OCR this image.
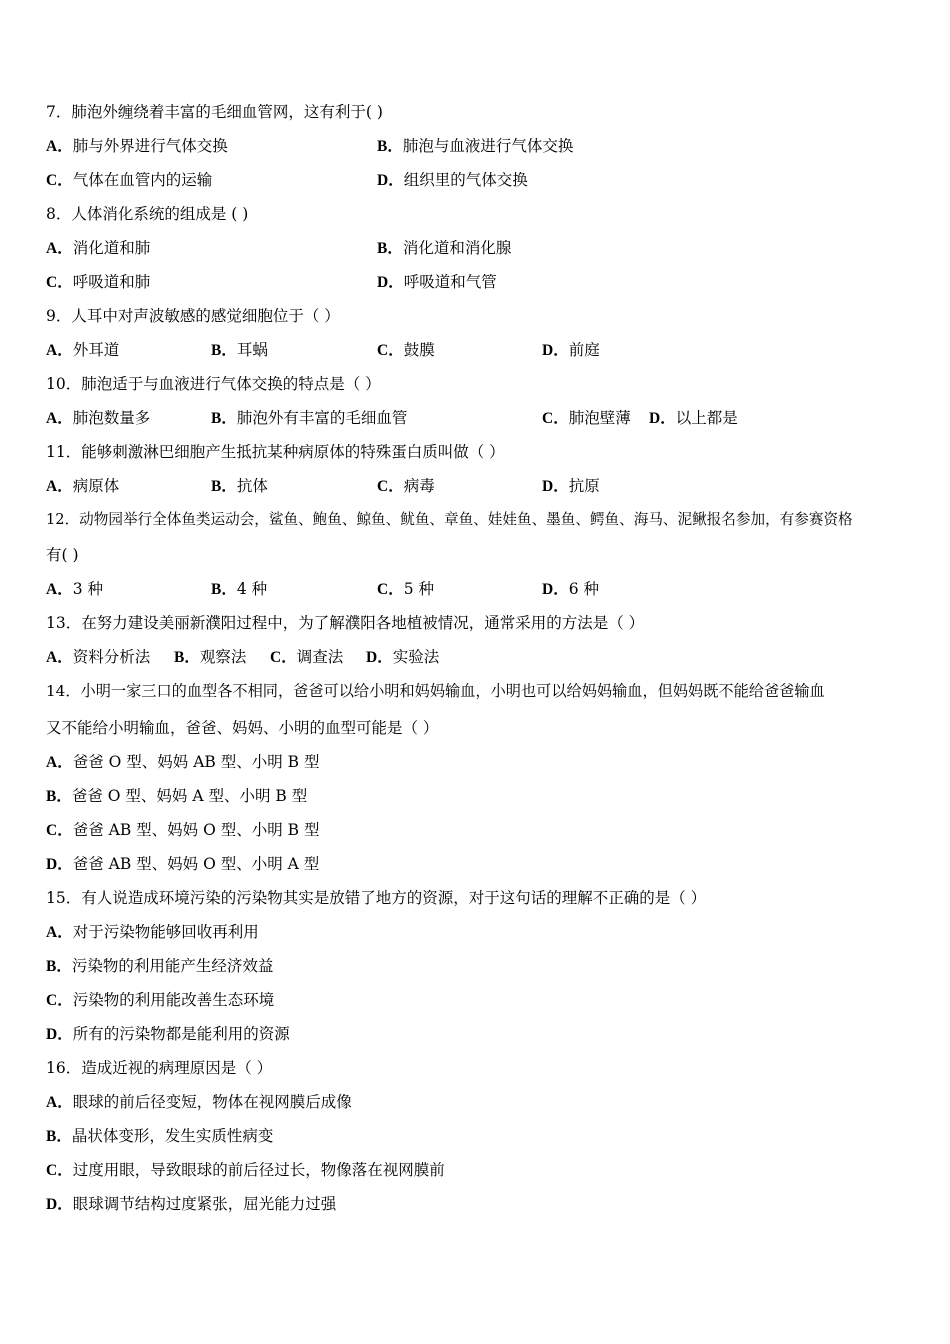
7．肺泡外缠绕着丰富的毛细血管网，这有利于( )
A．肺与外界进行气体交换	B．肺泡与血液进行气体交换
C．气体在血管内的运输	D．组织里的气体交换
8．人体消化系统的组成是 ( )
A．消化道和肺	B．消化道和消化腺
C．呼吸道和肺	D．呼吸道和气管
9．人耳中对声波敏感的感觉细胞位于（ ）
A．外耳道	B．耳蜗	C．鼓膜	D．前庭
10．肺泡适于与血液进行气体交换的特点是（ ）
A．肺泡数量多	B．肺泡外有丰富的毛细血管	C．肺泡壁薄 D．以上都是
11．能够刺激淋巴细胞产生抵抗某种病原体的特殊蛋白质叫做（ ）
A．病原体	B．抗体	C．病毒	D．抗原
12．动物园举行全体鱼类运动会，鲨鱼、鲍鱼、鲸鱼、鱿鱼、章鱼、娃娃鱼、墨鱼、鳄鱼、海马、泥鳅报名参加，有参赛资格
有( )
A．3 种	B．4 种	C．5 种	D．6 种
13．在努力建设美丽新濮阳过程中，为了解濮阳各地植被情况，通常采用的方法是（ ）
A．资料分析法 B．观察法 C．调查法 D．实验法
14．小明一家三口的血型各不相同，爸爸可以给小明和妈妈输血，小明也可以给妈妈输血，但妈妈既不能给爸爸输血
又不能给小明输血，爸爸、妈妈、小明的血型可能是（ ）
A．爸爸 O 型、妈妈 AB 型、小明 B 型
B．爸爸 O 型、妈妈 A 型、小明 B 型
C．爸爸 AB 型、妈妈 O 型、小明 B 型
D．爸爸 AB 型、妈妈 O 型、小明 A 型
15．有人说造成环境污染的污染物其实是放错了地方的资源，对于这句话的理解不正确的是（ ）
A．对于污染物能够回收再利用
B．污染物的利用能产生经济效益
C．污染物的利用能改善生态环境
D．所有的污染物都是能利用的资源
16．造成近视的病理原因是（ ）
A．眼球的前后径变短，物体在视网膜后成像
B．晶状体变形，发生实质性病变
C．过度用眼，导致眼球的前后径过长，物像落在视网膜前
D．眼球调节结构过度紧张，屈光能力过强
